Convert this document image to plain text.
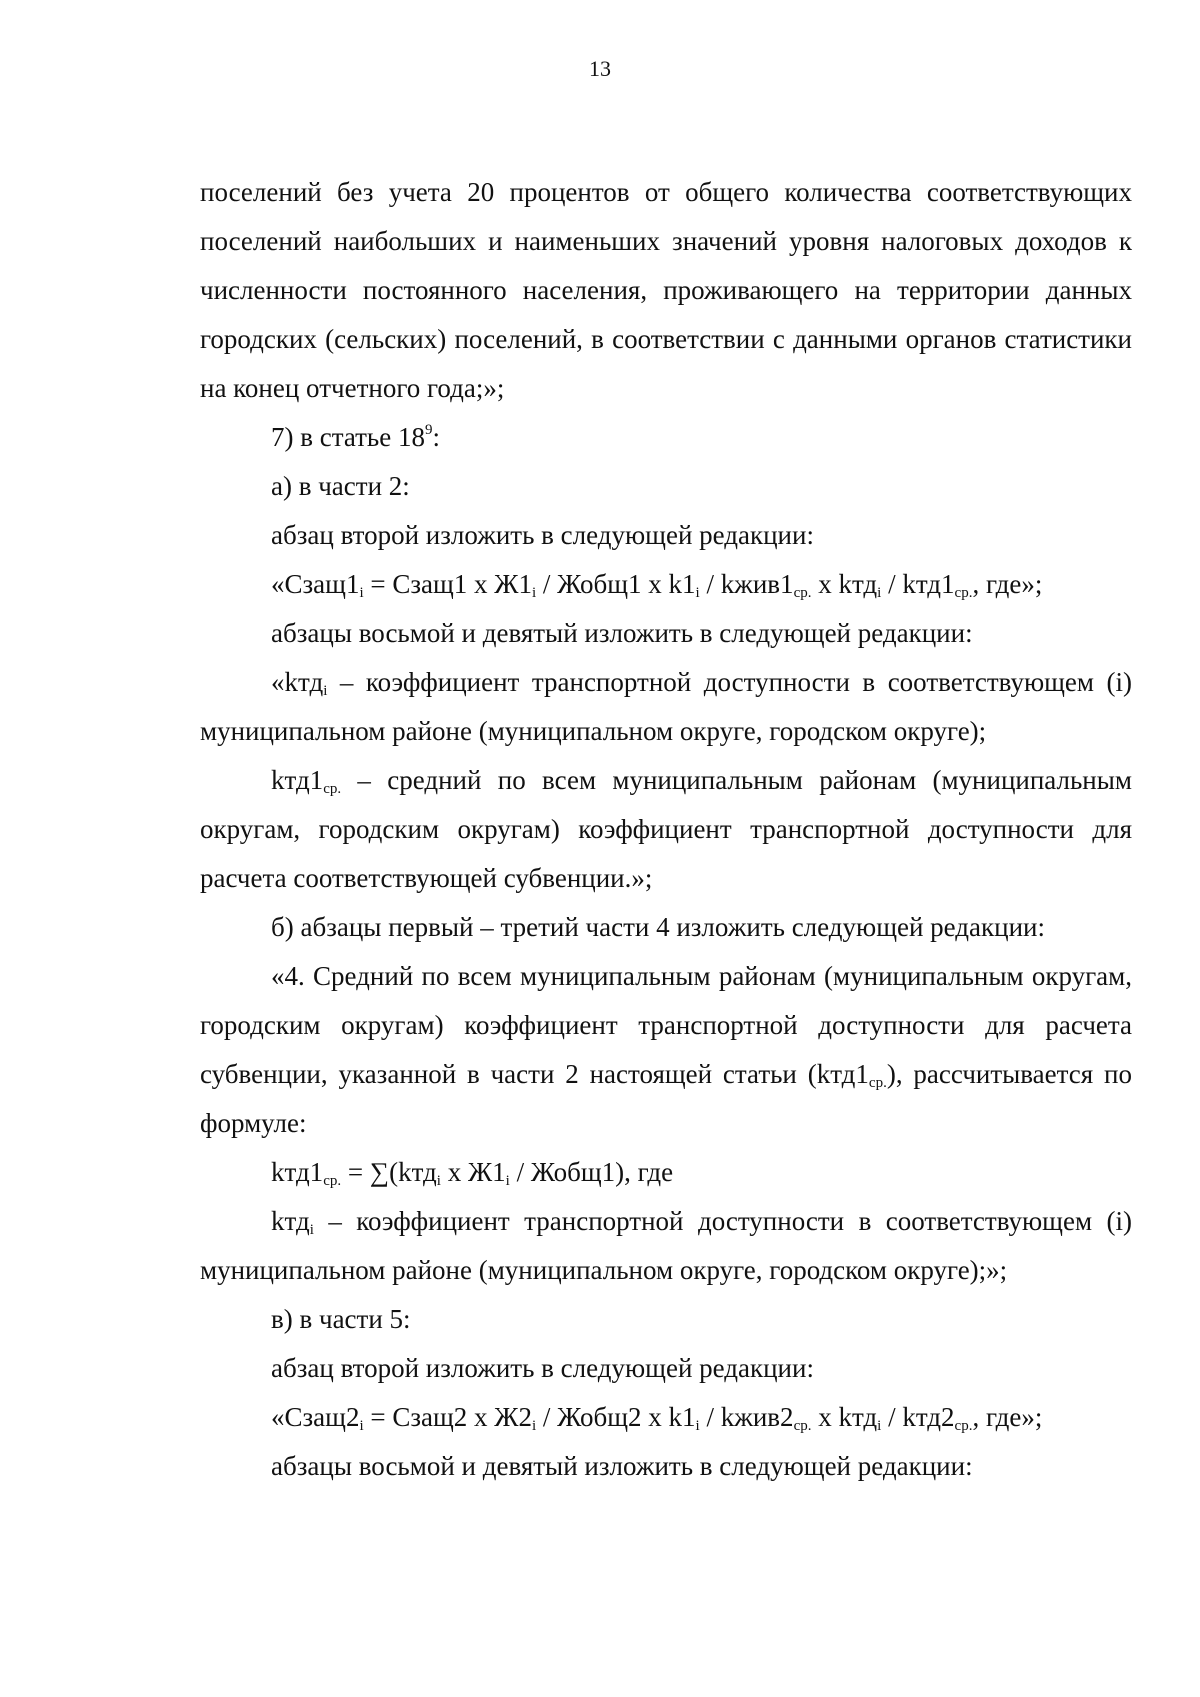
13

поселений без учета 20 процентов от общего количества соответствующих поселений наибольших и наименьших значений уровня налоговых доходов к численности постоянного населения, проживающего на территории данных городских (сельских) поселений, в соответствии с данными органов статистики на конец отчетного года;»;

7) в статье $18^9$:

а) в части 2:

абзац второй изложить в следующей редакции:

«$Сзащ1_i$ = Сзащ1 х $Ж1_i$ / Жобщ1 х $k1_i$ / $kжив1_{ср.}$ х $kтд_i / kтд1_{ср.}$, где»;

абзацы восьмой и девятый изложить в следующей редакции:

«kтд$_i$ – коэффициент транспортной доступности в соответствующем (i) муниципальном районе (муниципальном округе, городском округе);

$kтд1_{ср.}$ – средний по всем муниципальным районам (муниципальным округам, городским округам) коэффициент транспортной доступности для расчета соответствующей субвенции.»;

б) абзацы первый – третий части 4 изложить следующей редакции:

«4. Средний по всем муниципальным районам (муниципальным округам, городским округам) коэффициент транспортной доступности для расчета субвенции, указанной в части 2 настоящей статьи $(kтд1_{ср.})$, рассчитывается по формуле:

$kтд1_{ср.} = \sum(kтд_i$ х $Ж1_i$ / Жобщ1), где

kтд$_i$ – коэффициент транспортной доступности в соответствующем (i) муниципальном районе (муниципальном округе, городском округе);»;

в) в части 5:

абзац второй изложить в следующей редакции:

«$Сзащ2_i$ = Сзащ2 х $Ж2_i$ / Жобщ2 х $k1_i$ / $kжив2_{ср.}$ х $kтд_i / kтд2_{ср.}$, где»;

абзацы восьмой и девятый изложить в следующей редакции:
